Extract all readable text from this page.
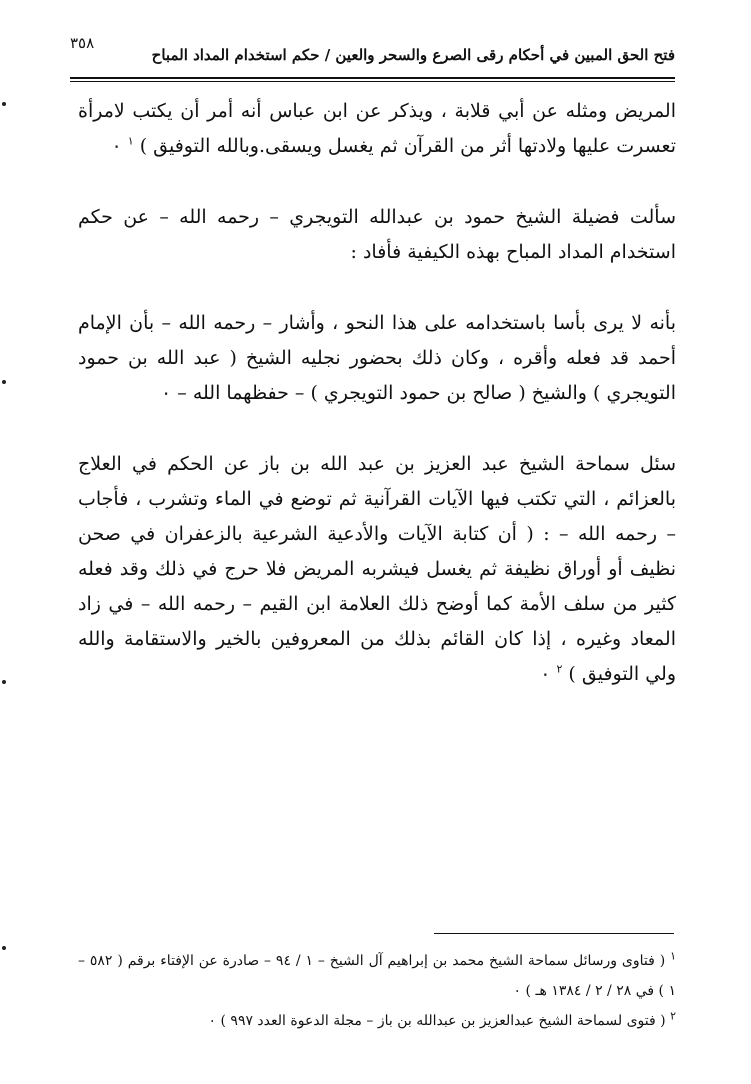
٣٥٨
فتح الحق المبين في أحكام رقى الصرع والسحر والعين / حكم استخدام المداد المباح

المريض ومثله عن أبي قلابة ، ويذكر عن ابن عباس أنه أمر أن يكتب لامرأة تعسرت عليها ولادتها أثر من القرآن ثم يغسل ويسقى.وبالله التوفيق ) $^١$ ٠

سألت فضيلة الشيخ حمود بن عبدالله التويجري – رحمه الله – عن حكم استخدام المداد المباح بهذه الكيفية فأفاد :

بأنه لا يرى بأسا باستخدامه على هذا النحو ، وأشار – رحمه الله – بأن الإمام أحمد قد فعله وأقره ، وكان ذلك بحضور نجليه الشيخ ( عبد الله بن حمود التويجري ) والشيخ ( صالح بن حمود التويجري ) – حفظهما الله – ٠

سئل سماحة الشيخ عبد العزيز بن عبد الله بن باز عن الحكم في العلاج بالعزائم ، التي تكتب فيها الآيات القرآنية ثم توضع في الماء وتشرب ، فأجاب – رحمه الله – : ( أن كتابة الآيات والأدعية الشرعية بالزعفران في صحن نظيف أو أوراق نظيفة ثم يغسل فيشربه المريض فلا حرج في ذلك وقد فعله كثير من سلف الأمة كما أوضح ذلك العلامة ابن القيم – رحمه الله – في زاد المعاد وغيره ، إذا كان القائم بذلك من المعروفين بالخير والاستقامة والله ولي التوفيق ) $^٢$ ٠

$^١$ ( فتاوى ورسائل سماحة الشيخ محمد بن إبراهيم آل الشيخ – ١ / ٩٤ – صادرة عن الإفتاء برقم ( ٥٨٢ – ١ ) في ٢٨ / ٢ / ١٣٨٤ هـ ) ٠

$^٢$ ( فتوى لسماحة الشيخ عبدالعزيز بن عبدالله بن باز – مجلة الدعوة العدد ٩٩٧ ) ٠
